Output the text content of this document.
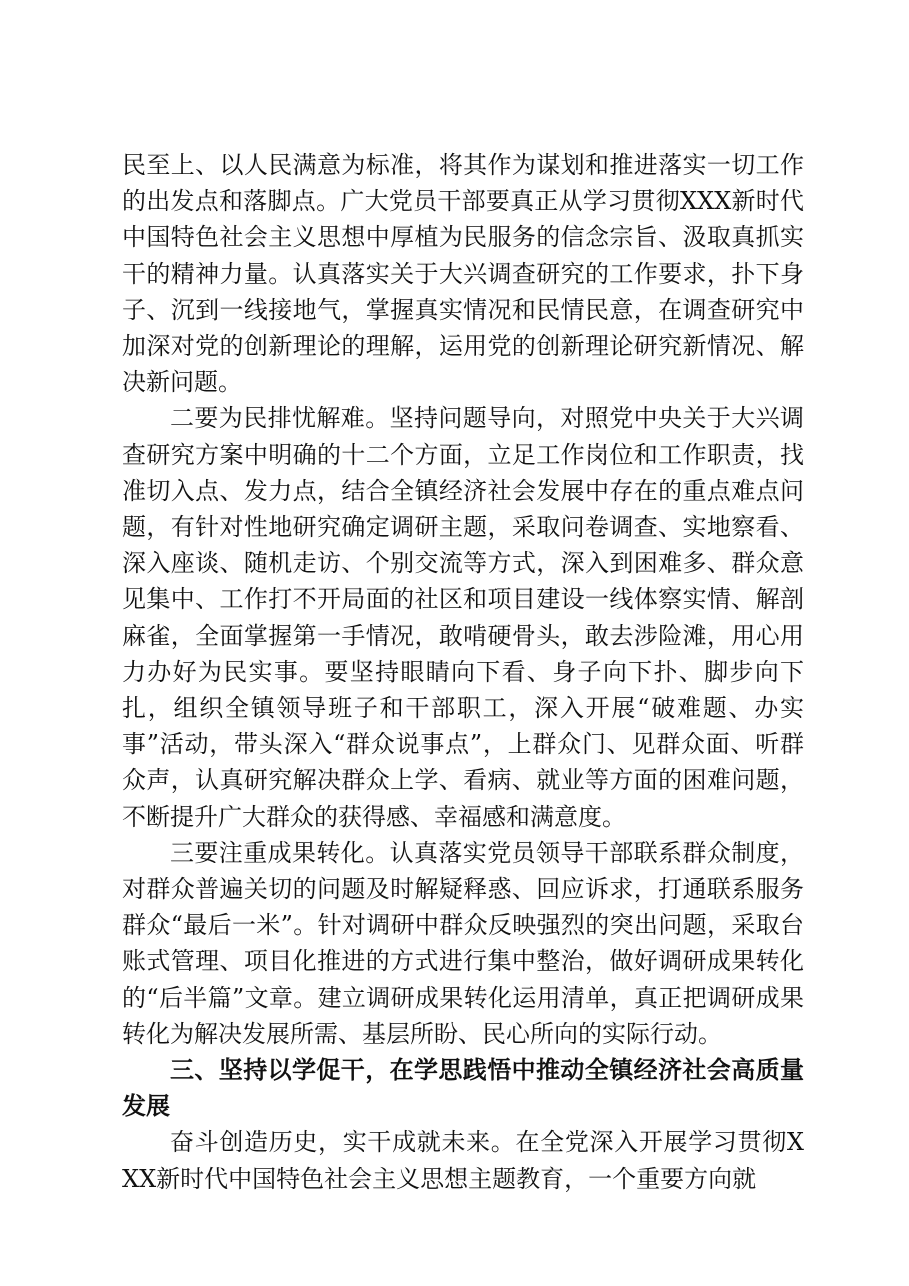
民至上、以人民满意为标准，将其作为谋划和推进落实一切工作的出发点和落脚点。广大党员干部要真正从学习贯彻XXX新时代中国特色社会主义思想中厚植为民服务的信念宗旨、汲取真抓实干的精神力量。认真落实关于大兴调查研究的工作要求，扑下身子、沉到一线接地气，掌握真实情况和民情民意，在调查研究中加深对党的创新理论的理解，运用党的创新理论研究新情况、解决新问题。

二要为民排忧解难。坚持问题导向，对照党中央关于大兴调查研究方案中明确的十二个方面，立足工作岗位和工作职责，找准切入点、发力点，结合全镇经济社会发展中存在的重点难点问题，有针对性地研究确定调研主题，采取问卷调查、实地察看、深入座谈、随机走访、个别交流等方式，深入到困难多、群众意见集中、工作打不开局面的社区和项目建设一线体察实情、解剖麻雀，全面掌握第一手情况，敢啃硬骨头，敢去涉险滩，用心用力办好为民实事。要坚持眼睛向下看、身子向下扑、脚步向下扎，组织全镇领导班子和干部职工，深入开展“破难题、办实事”活动，带头深入“群众说事点”，上群众门、见群众面、听群众声，认真研究解决群众上学、看病、就业等方面的困难问题，不断提升广大群众的获得感、幸福感和满意度。

三要注重成果转化。认真落实党员领导干部联系群众制度，对群众普遍关切的问题及时解疑释惑、回应诉求，打通联系服务群众“最后一米”。针对调研中群众反映强烈的突出问题，采取台账式管理、项目化推进的方式进行集中整治，做好调研成果转化的“后半篇”文章。建立调研成果转化运用清单，真正把调研成果转化为解决发展所需、基层所盼、民心所向的实际行动。

三、坚持以学促干，在学思践悟中推动全镇经济社会高质量发展

奋斗创造历史，实干成就未来。在全党深入开展学习贯彻XXX新时代中国特色社会主义思想主题教育，一个重要方向就
